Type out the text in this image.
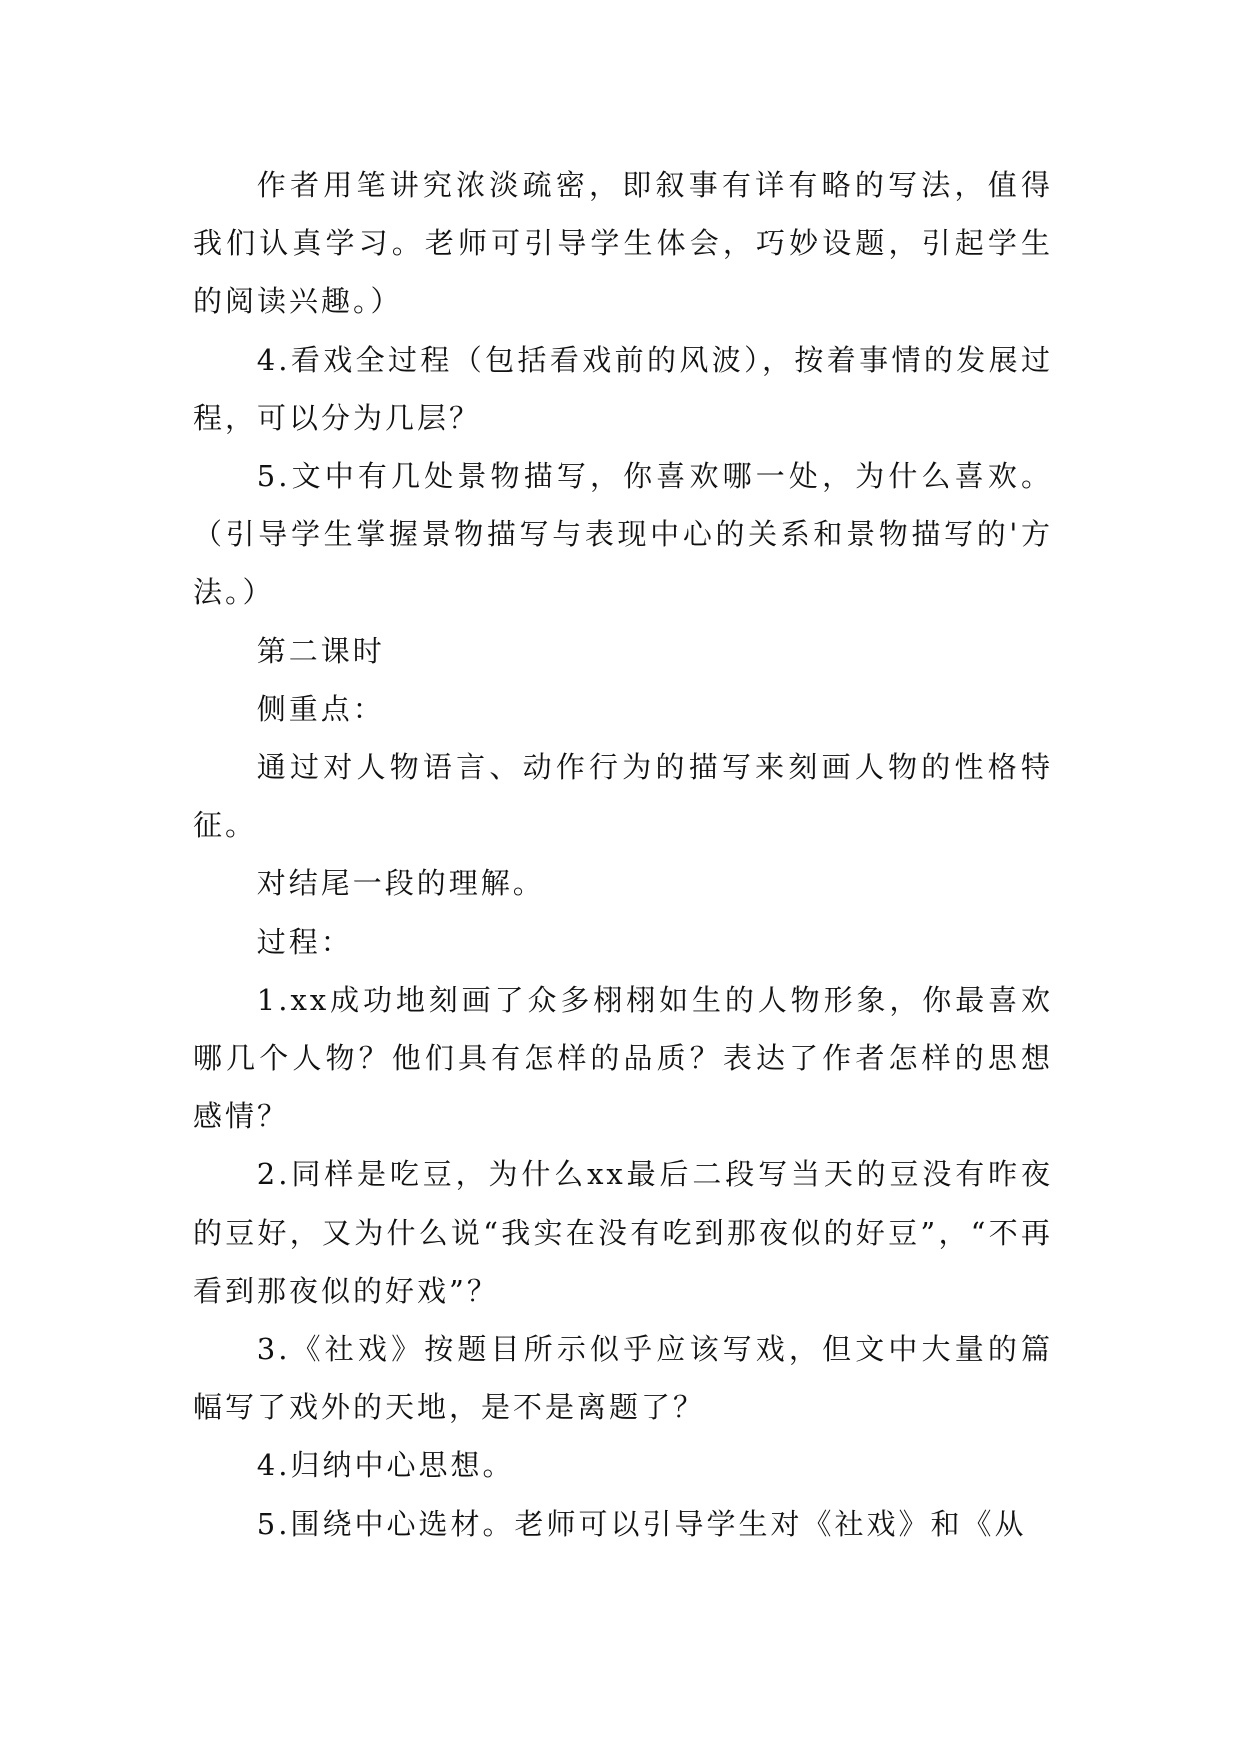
作者用笔讲究浓淡疏密，即叙事有详有略的写法，值得我们认真学习。老师可引导学生体会，巧妙设题，引起学生的阅读兴趣。）

4.看戏全过程（包括看戏前的风波），按着事情的发展过程，可以分为几层？

5.文中有几处景物描写，你喜欢哪一处，为什么喜欢。（引导学生掌握景物描写与表现中心的关系和景物描写的'方法。）

第二课时

侧重点：

通过对人物语言、动作行为的描写来刻画人物的性格特征。

对结尾一段的理解。

过程：

1.xx成功地刻画了众多栩栩如生的人物形象，你最喜欢哪几个人物？他们具有怎样的品质？表达了作者怎样的思想感情？

2.同样是吃豆，为什么xx最后二段写当天的豆没有昨夜的豆好，又为什么说“我实在没有吃到那夜似的好豆”，“不再看到那夜似的好戏”？

3.《社戏》按题目所示似乎应该写戏，但文中大量的篇幅写了戏外的天地，是不是离题了？

4.归纳中心思想。

5.围绕中心选材。老师可以引导学生对《社戏》和《从
